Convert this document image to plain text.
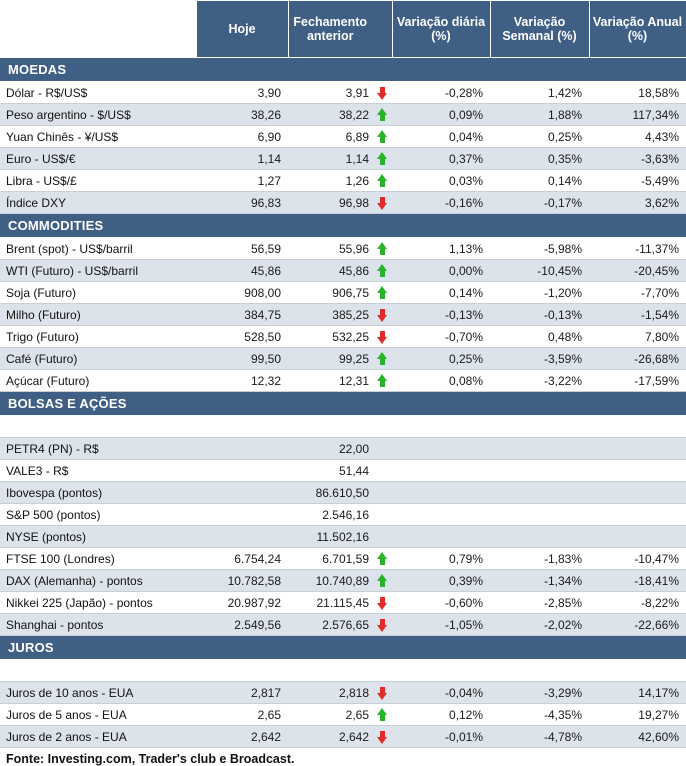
	Hoje	Fechamento anterior		Variação diária (%)	Variação Semanal (%)	Variação Anual (%)
MOEDAS						
Dólar - R$/US$	3,90	3,91		-0,28%	1,42%	18,58%
Peso argentino - $/US$	38,26	38,22		0,09%	1,88%	117,34%
Yuan Chinês - ¥/US$	6,90	6,89		0,04%	0,25%	4,43%
Euro - US$/€	1,14	1,14		0,37%	0,35%	-3,63%
Libra - US$/£	1,27	1,26		0,03%	0,14%	-5,49%
Índice DXY	96,83	96,98		-0,16%	-0,17%	3,62%
COMMODITIES						
Brent (spot) - US$/barril	56,59	55,96		1,13%	-5,98%	-11,37%
WTI (Futuro) - US$/barril	45,86	45,86		0,00%	-10,45%	-20,45%
Soja (Futuro)	908,00	906,75		0,14%	-1,20%	-7,70%
Milho (Futuro)	384,75	385,25		-0,13%	-0,13%	-1,54%
Trigo (Futuro)	528,50	532,25		-0,70%	0,48%	7,80%
Café (Futuro)	99,50	99,25		0,25%	-3,59%	-26,68%
Açúcar (Futuro)	12,32	12,31		0,08%	-3,22%	-17,59%
BOLSAS E AÇÕES						

PETR4 (PN) - R$		22,00				
VALE3 - R$		51,44				
Ibovespa (pontos)		86.610,50				
S&P 500 (pontos)		2.546,16				
NYSE (pontos)		11.502,16				
FTSE 100 (Londres)	6.754,24	6.701,59		0,79%	-1,83%	-10,47%
DAX (Alemanha) - pontos	10.782,58	10.740,89		0,39%	-1,34%	-18,41%
Nikkei 225 (Japão) - pontos	20.987,92	21.115,45		-0,60%	-2,85%	-8,22%
Shanghai - pontos	2.549,56	2.576,65		-1,05%	-2,02%	-22,66%
JUROS						

Juros de 10 anos - EUA	2,817	2,818		-0,04%	-3,29%	14,17%
Juros de 5 anos - EUA	2,65	2,65		0,12%	-4,35%	19,27%
Juros de 2 anos - EUA	2,642	2,642		-0,01%	-4,78%	42,60%
Fonte: Investing.com, Trader's club e Broadcast.
